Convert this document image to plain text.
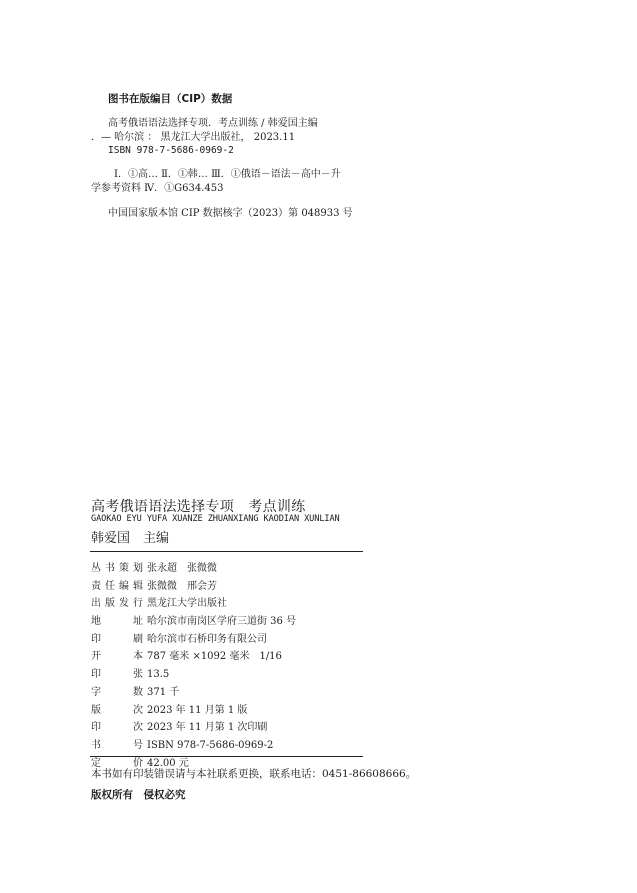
图书在版编目（CIP）数据
高考俄语语法选择专项．考点训练 / 韩爱国主编
．— 哈尔滨 ： 黑龙江大学出版社， 2023.11
ISBN 978-7-5686-0969-2
Ⅰ．①高… Ⅱ．①韩… Ⅲ．①俄语－语法－高中－升
学参考资料 Ⅳ．①G634.453
中国国家版本馆 CIP 数据核字（2023）第 048933 号
高考俄语语法选择专项　考点训练
GAOKAO EYU YUFA XUANZE ZHUANXIANG KAODIAN XUNLIAN
韩爱国　主编
丛书策划 张永超　张微微
责任编辑 张微微　邢会芳
出版发行 黑龙江大学出版社
地　　址 哈尔滨市南岗区学府三道街 36 号
印　　刷 哈尔滨市石桥印务有限公司
开　　本 787 毫米 ×1092 毫米　1/16
印　　张 13.5
字　　数 371 千
版　　次 2023 年 11 月第 1 版
印　　次 2023 年 11 月第 1 次印刷
书　　号 ISBN 978-7-5686-0969-2
定　　价 42.00 元
本书如有印装错误请与本社联系更换，联系电话：0451-86608666。
版权所有　侵权必究
